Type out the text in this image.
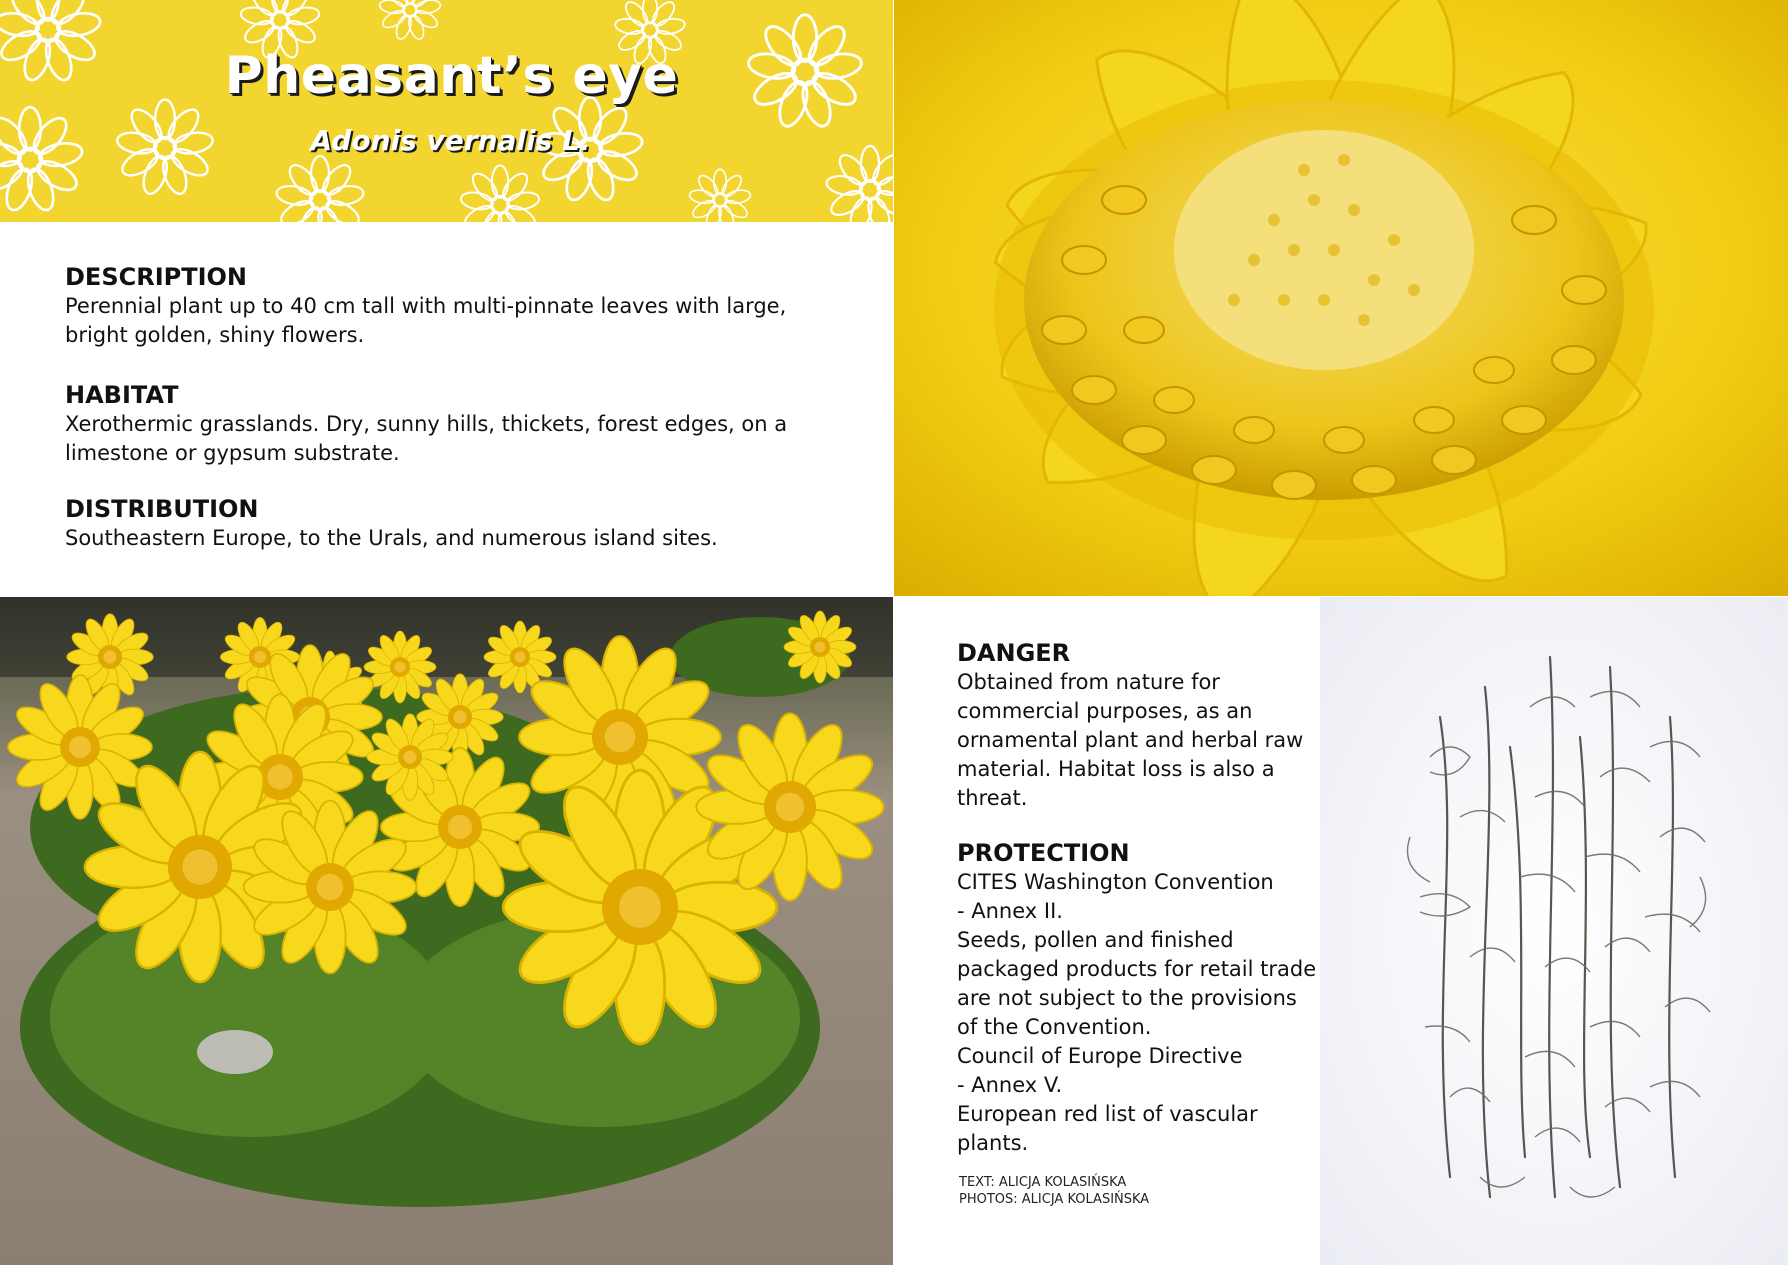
Pheasant’s eye
Adonis vernalis L.
DESCRIPTION

Perennial plant up to 40 cm tall with multi-pinnate leaves with large, bright golden, shiny flowers.

HABITAT

Xerothermic grasslands. Dry, sunny hills, thickets, forest edges, on a limestone or gypsum substrate.

DISTRIBUTION

Southeastern Europe, to the Urals, and numerous island sites.

DANGER

Obtained from nature for commercial purposes, as an ornamental plant and herbal raw material. Habitat loss is also a threat.

PROTECTION

CITES Washington Convention
- Annex II.
Seeds, pollen and finished packaged products for retail trade are not subject to the provisions of the Convention.
Council of Europe Directive
- Annex V.
European red list of vascular plants.

TEXT: ALICJA KOLASIŃSKA
PHOTOS: ALICJA KOLASIŃSKA
